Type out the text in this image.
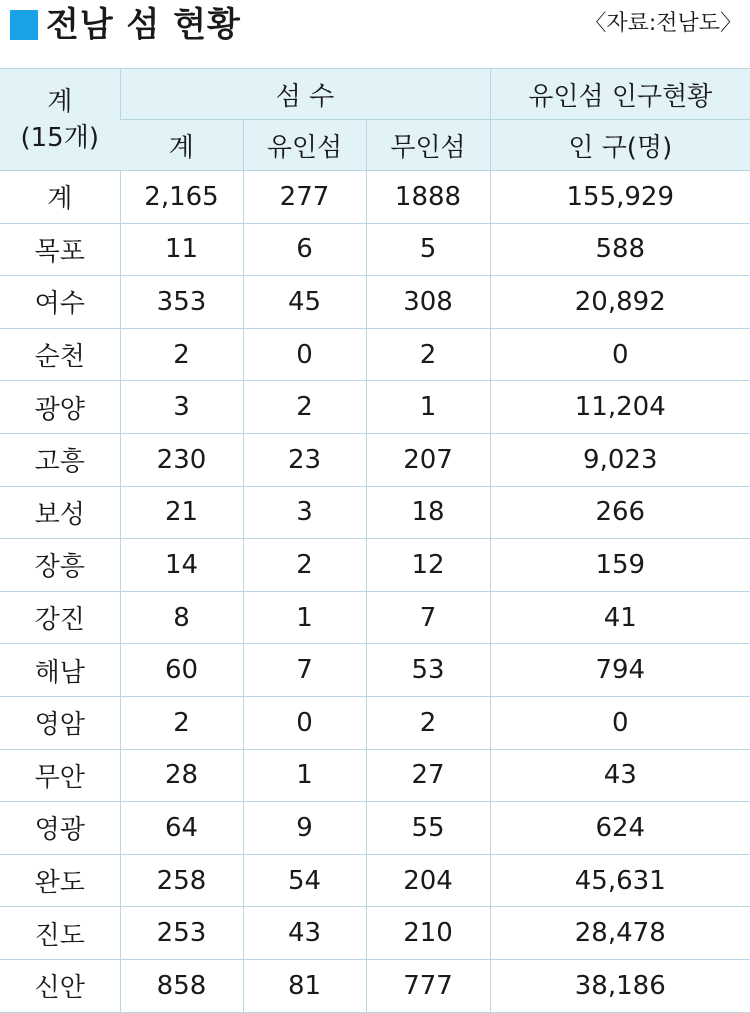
전남 섬 현황	〈자료:전남도〉
계
(15개)	섬 수			유인섬 인구현황
	계	유인섬	무인섬	인 구(명)
계	2,165	277	1888	155,929
목포	11	6	5	588
여수	353	45	308	20,892
순천	2	0	2	0
광양	3	2	1	11,204
고흥	230	23	207	9,023
보성	21	3	18	266
장흥	14	2	12	159
강진	8	1	7	41
해남	60	7	53	794
영암	2	0	2	0
무안	28	1	27	43
영광	64	9	55	624
완도	258	54	204	45,631
진도	253	43	210	28,478
신안	858	81	777	38,186
